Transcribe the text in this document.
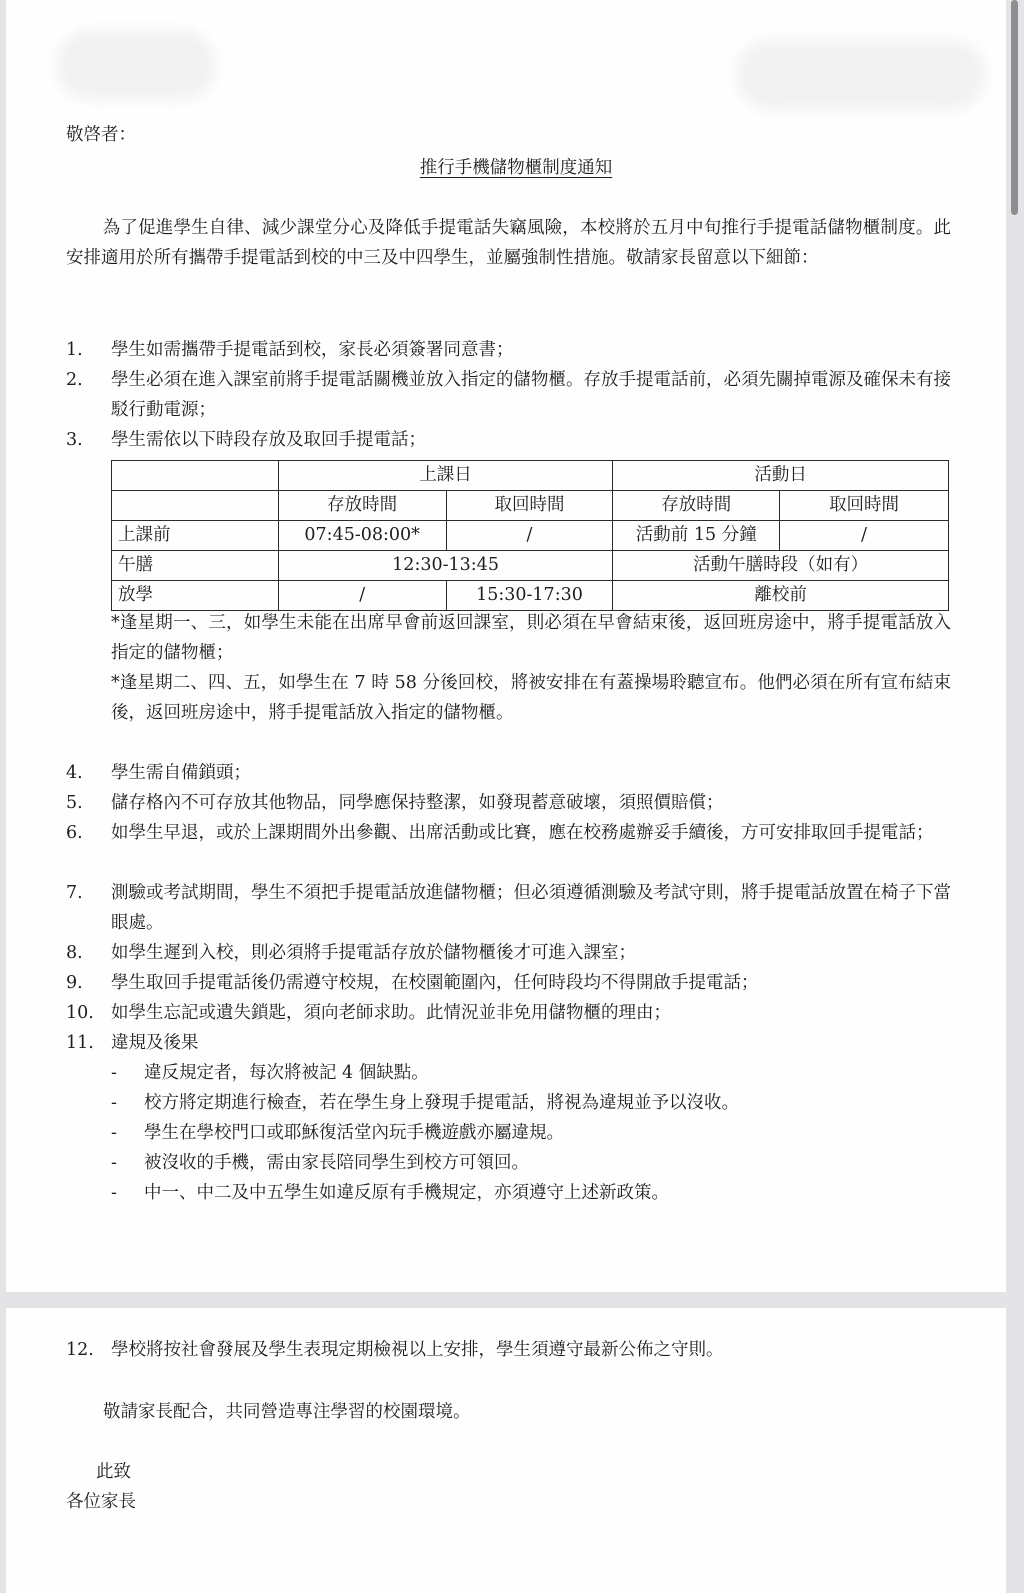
敬啓者：
推行手機儲物櫃制度通知
為了促進學生自律、減少課堂分心及降低手提電話失竊風險，本校將於五月中旬推行手提電話儲物櫃制度。此安排適用於所有攜帶手提電話到校的中三及中四學生，並屬強制性措施。敬請家長留意以下細節：
1.	學生如需攜帶手提電話到校，家長必須簽署同意書；
2.	學生必須在進入課室前將手提電話關機並放入指定的儲物櫃。存放手提電話前，必須先關掉電源及確保未有接駁行動電源；
3.	學生需依以下時段存放及取回手提電話；
	上課日		活動日	
	存放時間	取回時間	存放時間	取回時間
上課前	07:45-08:00*	/	活動前 15 分鐘	/
午膳	12:30-13:45		活動午膳時段（如有）	
放學	/	15:30-17:30	離校前	
*逢星期一、三，如學生未能在出席早會前返回課室，則必須在早會結束後，返回班房途中，將手提電話放入指定的儲物櫃；
*逢星期二、四、五，如學生在 7 時 58 分後回校，將被安排在有蓋操場聆聽宣布。他們必須在所有宣布結束後，返回班房途中，將手提電話放入指定的儲物櫃。
4.	學生需自備鎖頭；
5.	儲存格內不可存放其他物品，同學應保持整潔，如發現蓄意破壞，須照價賠償；
6.	如學生早退，或於上課期間外出參觀、出席活動或比賽，應在校務處辦妥手續後，方可安排取回手提電話；
7.	測驗或考試期間，學生不須把手提電話放進儲物櫃；但必須遵循測驗及考試守則，將手提電話放置在椅子下當眼處。
8.	如學生遲到入校，則必須將手提電話存放於儲物櫃後才可進入課室；
9.	學生取回手提電話後仍需遵守校規，在校園範圍內，任何時段均不得開啟手提電話；
10. 如學生忘記或遺失鎖匙，須向老師求助。此情況並非免用儲物櫃的理由；
11. 違規及後果
- 違反規定者，每次將被記 4 個缺點。
- 校方將定期進行檢查，若在學生身上發現手提電話，將視為違規並予以沒收。
- 學生在學校門口或耶穌復活堂內玩手機遊戲亦屬違規。
- 被沒收的手機，需由家長陪同學生到校方可領回。
- 中一、中二及中五學生如違反原有手機規定，亦須遵守上述新政策。
12. 學校將按社會發展及學生表現定期檢視以上安排，學生須遵守最新公佈之守則。
敬請家長配合，共同營造專注學習的校園環境。
此致
各位家長
